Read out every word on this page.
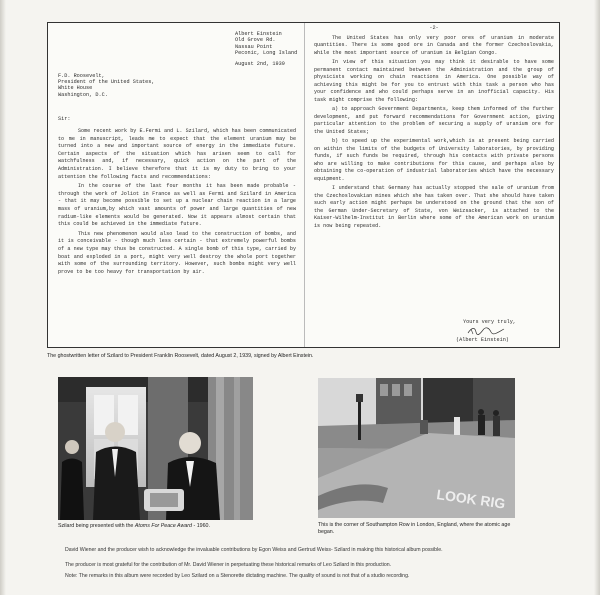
Albert Einstein
Old Grove Rd.
Nassau Point
Peconic, Long Island
August 2nd, 1939
F.D. Roosevelt,
President of the United States,
White House
Washington, D.C.
Sir:

Some recent work by E.Fermi and L. Szilard, which has been communicated to me in manuscript, leads me to expect that the element uranium may be turned into a new and important source of energy in the immediate future. Certain aspects of the situation which has arisen seem to call for watchfulness and, if necessary, quick action on the part of the Administration. I believe therefore that it is my duty to bring to your attention the following facts and recommendations:

In the course of the last four months it has been made probable - through the work of Joliot in France as well as Fermi and Szilard in America - that it may become possible to set up a nuclear chain reaction in a large mass of uranium,by which vast amounts of power and large quantities of new radium-like elements would be generated. Now it appears almost certain that this could be achieved in the immediate future.

This new phenomenon would also lead to the construction of bombs, and it is conceivable - though much less certain - that extremely powerful bombs of a new type may thus be constructed. A single bomb of this type, carried by boat and exploded in a port, might very well destroy the whole port together with some of the surrounding territory. However, such bombs might very well prove to be too heavy for transportation by air.

-2-

The United States has only very poor ores of uranium in moderate quantities. There is some good ore in Canada and the former Czechoslovakia, while the most important source of uranium is Belgian Congo.

In view of this situation you may think it desirable to have some permanent contact maintained between the Administration and the group of physicists working on chain reactions in America. One possible way of achieving this might be for you to entrust with this task a person who has your confidence and who could perhaps serve in an inofficial capacity. His task might comprise the following:

a) to approach Government Departments, keep them informed of the further development, and put forward recommendations for Government action, giving particular attention to the problem of securing a supply of uranium ore for the United States;

b) to speed up the experimental work,which is at present being carried on within the limits of the budgets of University laboratories, by providing funds, if such funds be required, through his contacts with private persons who are willing to make contributions for this cause, and perhaps also by obtaining the co-operation of industrial laboratories which have the necessary equipment.

I understand that Germany has actually stopped the sale of uranium from the Czechoslovakian mines which she has taken over. That she should have taken such early action might perhaps be understood on the ground that the son of the German Under-Secretary of State, von Weizsacker, is attached to the Kaiser-Wilhelm-Institut in Berlin where some of the American work on uranium is now being repeated.

Yours very truly,
(Albert Einstein)
The ghostwritten letter of Szilard to President Franklin Roosevelt, dated August 2, 1939, signed by Albert Einstein.
Szilard being presented with the Atoms For Peace Award - 1960.
LOOK RIG
This is the corner of Southampton Row in London, England, where the atomic age began.
David Wiener and the producer wish to acknowledge the invaluable contributions by Egon Weiss and Gertrud Weiss- Szilard in making this historical album possible.
The producer is most grateful for the contribution of Mr. David Wiener in perpetuating these historical remarks of Leo Szilard in this production.
Note: The remarks in this album were recorded by Leo Szilard on a Stenorette dictating machine. The quality of sound is not that of a studio recording.
